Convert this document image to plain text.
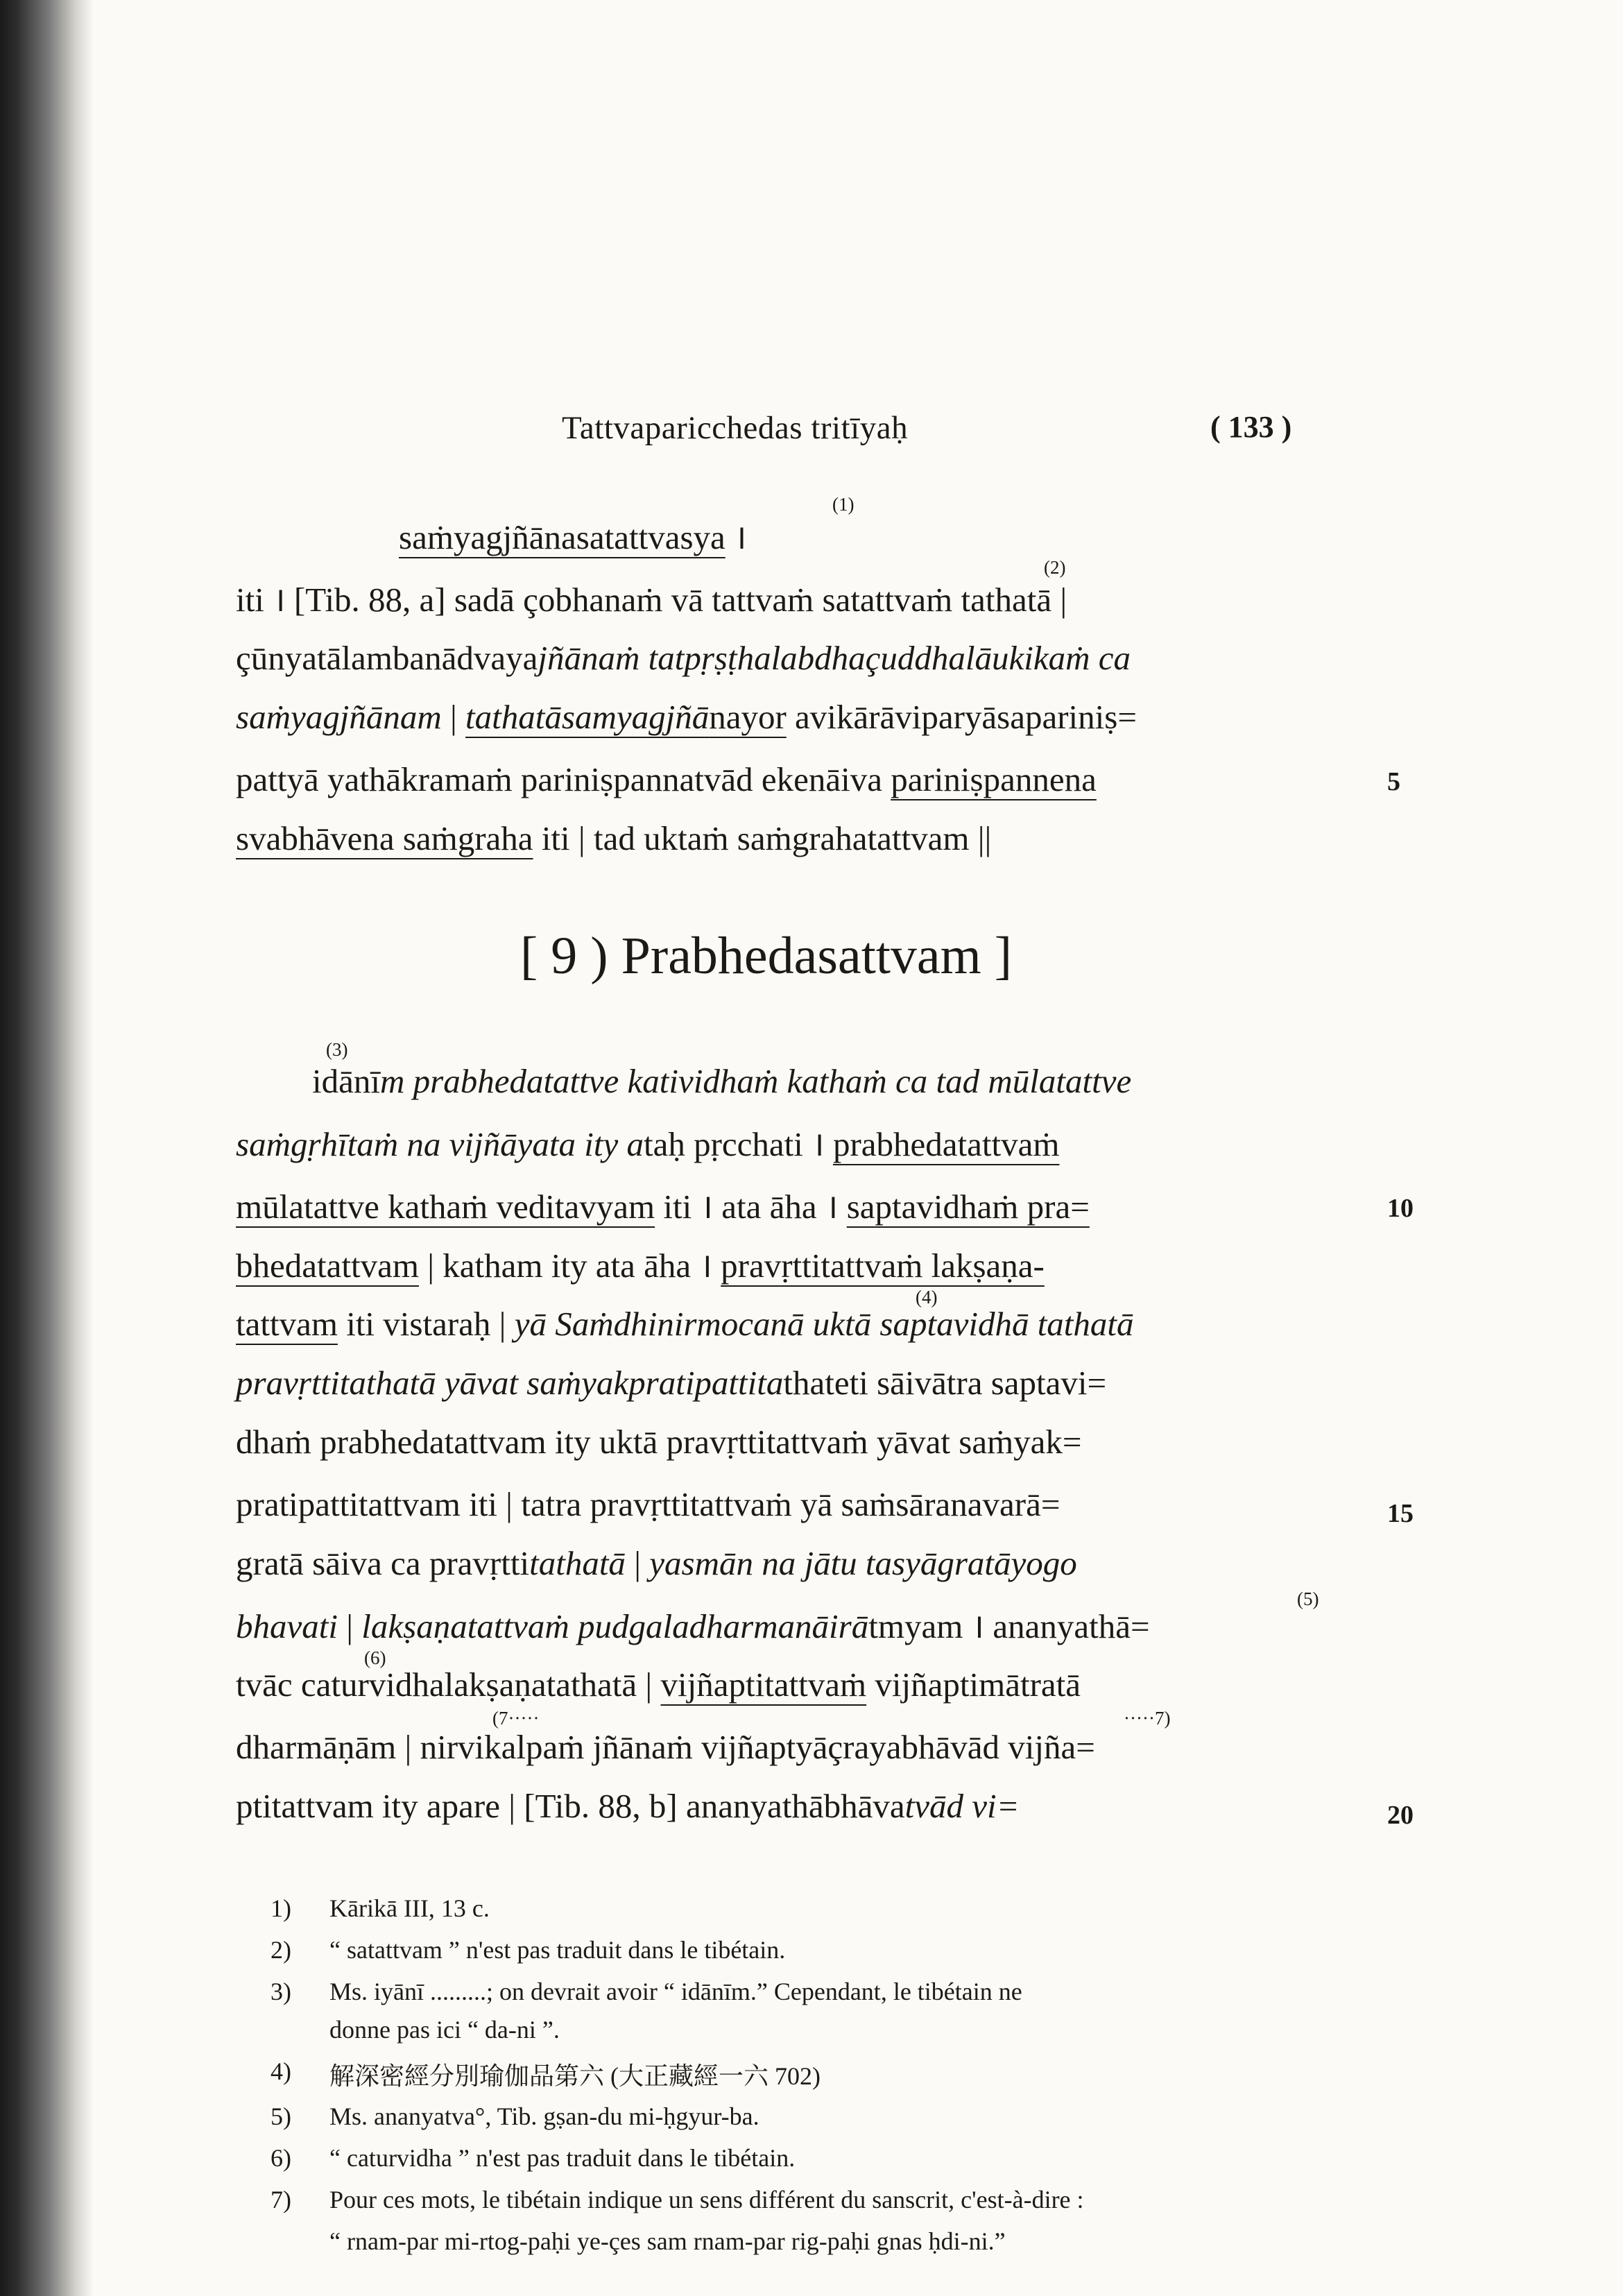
Tattvaparicchedas tritīyaḥ	( 133 )
saṁyagjñānasatattvasya ।
(1)
(2)
iti । [Tib. 88, a] sadā çobhanaṁ vā tattvaṁ satattvaṁ tathatā |
çūnyatālambanādvayajñānaṁ tatpṛṣṭhalabdhaçuddhalāukikaṁ ca
saṁyagjñānam | tathatāsamyagjñānayor avikārāviparyāsapariniṣ=
pattyā yathākramaṁ pariniṣpannatvād ekenāiva pariniṣpannena	5
svabhāvena saṁgraha iti | tad uktaṁ saṁgrahatattvam ||
[ 9 ) Prabhedasattvam ]
(3)
idānīm prabhedatattve katividhaṁ kathaṁ ca tad mūlatattve
saṁgṛhītaṁ na vijñāyata ity ataḥ pṛcchati । prabhedatattvaṁ
mūlatattve kathaṁ veditavyam iti । ata āha । saptavidhaṁ pra=	10
bhedatattvam | katham ity ata āha । pravṛttitattvaṁ lakṣaṇa-
(4)
tattvam iti vistaraḥ | yā Saṁdhinirmocanā uktā saptavidhā tathatā
pravṛttitathatā yāvat saṁyakpratipattitathateti sāivātra saptavi=
dhaṁ prabhedatattvam ity uktā pravṛttitattvaṁ yāvat saṁyak=
pratipattitattvam iti | tatra pravṛttitattvaṁ yā saṁsāranavarā=	15
gratā sāiva ca pravṛttitathatā | yasmān na jātu tasyāgratāyogo
(5)
bhavati | lakṣaṇatattvaṁ pudgaladharmanāirātmyam । ananyathā=
(6)
tvāc caturvidhalakṣaṇatathatā | vijñaptitattvaṁ vijñaptimātratā
(7·····	·····7)
dharmāṇām | nirvikalpaṁ jñānaṁ vijñaptyāçrayabhāvād vijña=
ptitattvam ity apare | [Tib. 88, b] ananyathābhāvatvād vi=	20
1) Kārikā III, 13 c.
2) “ satattvam ” n'est pas traduit dans le tibétain.
3) Ms. iyānī .........; on devrait avoir “ idānīm.” Cependant, le tibétain ne
donne pas ici “ da-ni ”.
4) 解深密經分別瑜伽品第六 (大正藏經一六 702)
5) Ms. ananyatva°, Tib. gṣan-du mi-ḥgyur-ba.
6) “ caturvidha ” n'est pas traduit dans le tibétain.
7) Pour ces mots, le tibétain indique un sens différent du sanscrit, c'est-à-dire :
“ rnam-par mi-rtog-paḥi ye-çes sam rnam-par rig-paḥi gnas ḥdi-ni.”
